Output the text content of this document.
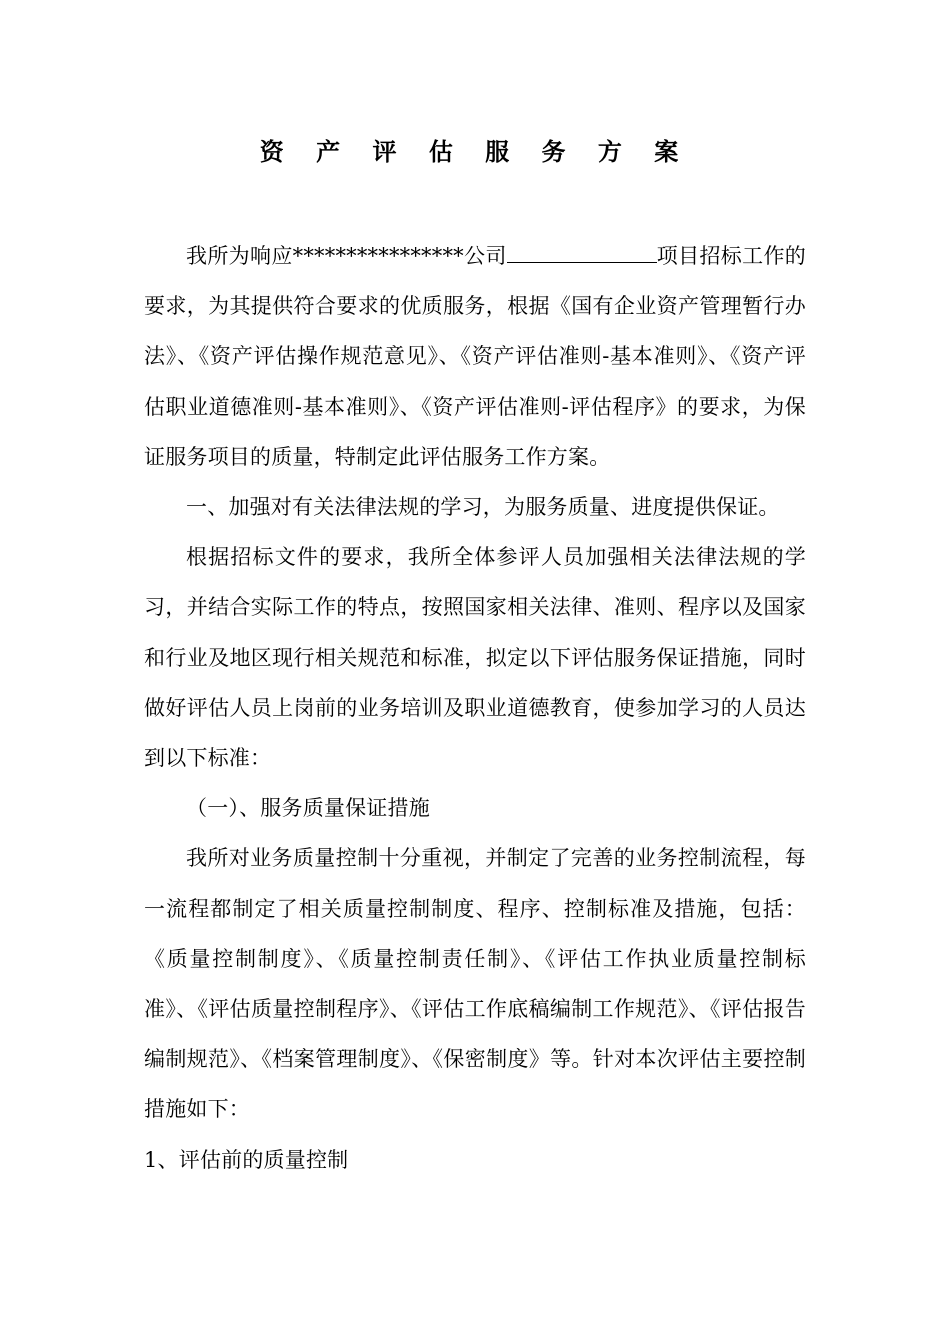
资 产 评 估 服 务 方 案

我所为响应****************公司	项目招标工作的要求，为其提供符合要求的优质服务，根据《国有企业资产管理暂行办法》、《资产评估操作规范意见》、《资产评估准则-基本准则》、《资产评估职业道德准则-基本准则》、《资产评估准则-评估程序》的要求，为保证服务项目的质量，特制定此评估服务工作方案。

一、加强对有关法律法规的学习，为服务质量、进度提供保证。

根据招标文件的要求，我所全体参评人员加强相关法律法规的学习，并结合实际工作的特点，按照国家相关法律、准则、程序以及国家和行业及地区现行相关规范和标准，拟定以下评估服务保证措施，同时做好评估人员上岗前的业务培训及职业道德教育，使参加学习的人员达到以下标准：

（一）、服务质量保证措施

我所对业务质量控制十分重视，并制定了完善的业务控制流程，每一流程都制定了相关质量控制制度、程序、控制标准及措施，包括：《质量控制制度》、《质量控制责任制》、《评估工作执业质量控制标准》、《评估质量控制程序》、《评估工作底稿编制工作规范》、《评估报告编制规范》、《档案管理制度》、《保密制度》等。针对本次评估主要控制措施如下：

1、评估前的质量控制
